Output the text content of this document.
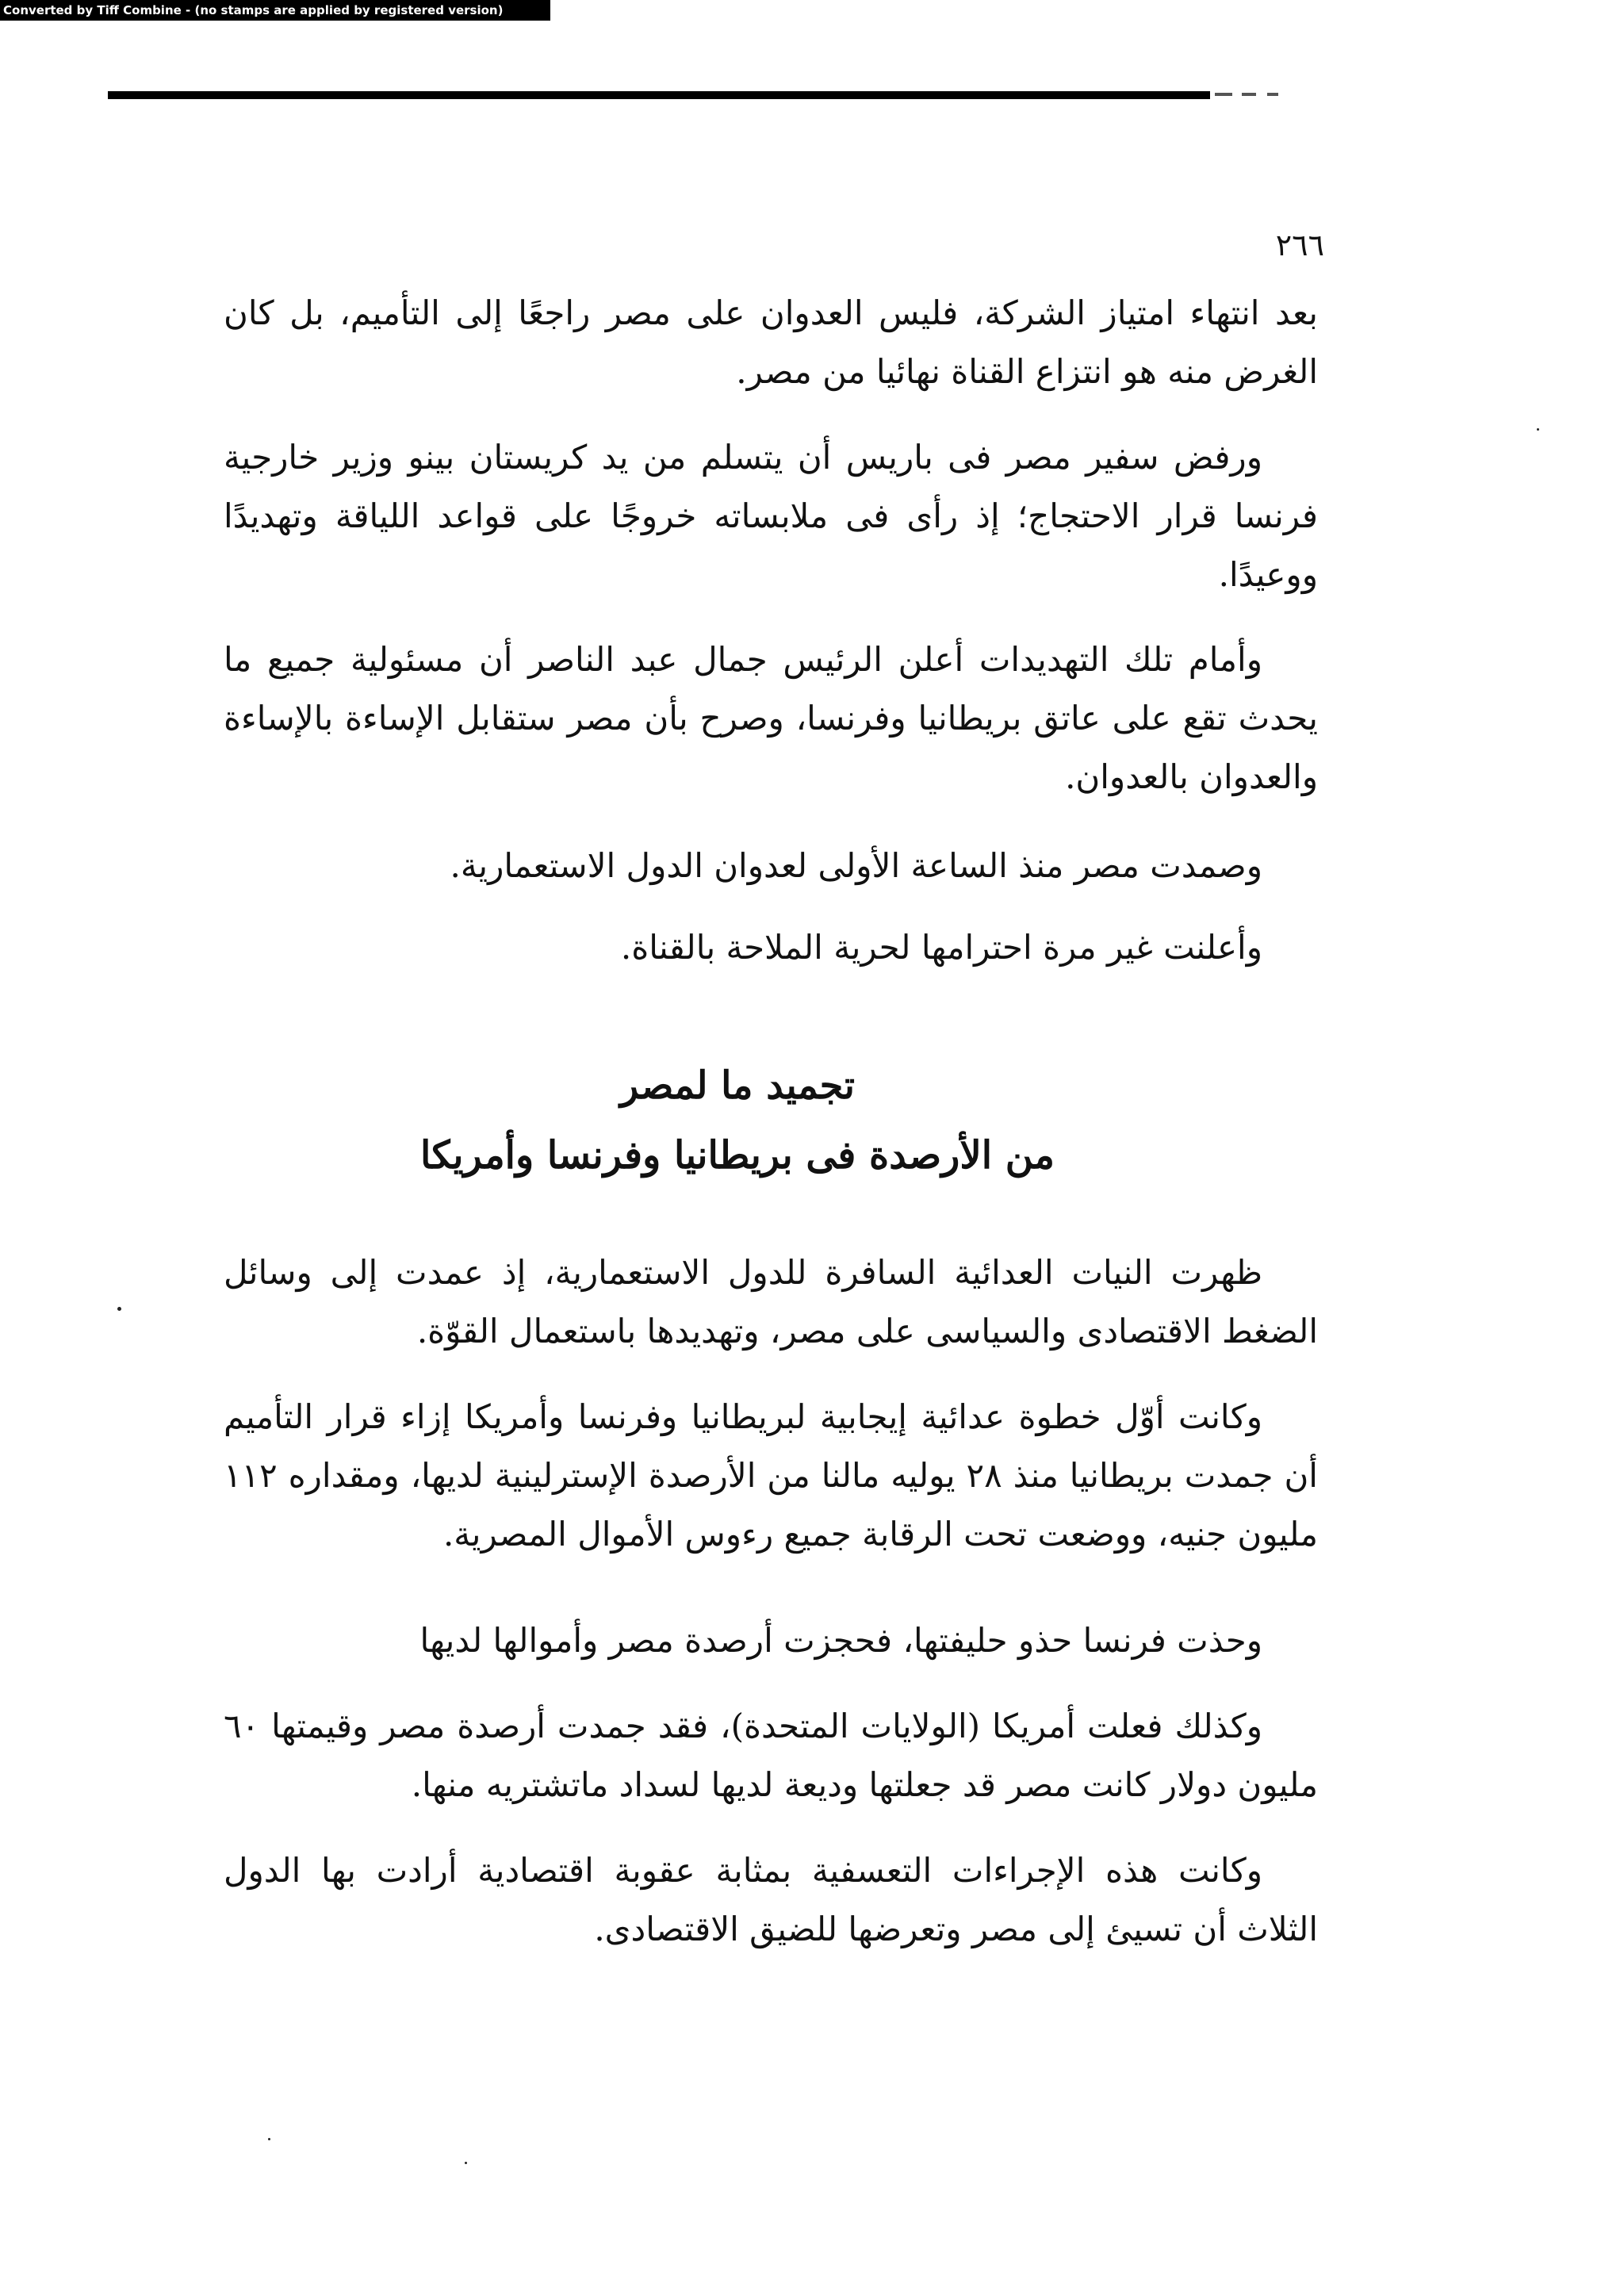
Converted by Tiff Combine - (no stamps are applied by registered version)
٢٦٦

بعد انتهاء امتياز الشركة، فليس العدوان على مصر راجعًا إلى التأميم، بل كان الغرض منه هو انتزاع القناة نهائيا من مصر.

ورفض سفير مصر فى باريس أن يتسلم من يد كريستان بينو وزير خارجية فرنسا قرار الاحتجاج؛ إذ رأى فى ملابساته خروجًا على قواعد اللياقة وتهديدًا ووعيدًا.

وأمام تلك التهديدات أعلن الرئيس جمال عبد الناصر أن مسئولية جميع ما يحدث تقع على عاتق بريطانيا وفرنسا، وصرح بأن مصر ستقابل الإساءة بالإساءة والعدوان بالعدوان.

وصمدت مصر منذ الساعة الأولى لعدوان الدول الاستعمارية.

وأعلنت غير مرة احترامها لحرية الملاحة بالقناة.

تجميد ما لمصر
من الأرصدة فى بريطانيا وفرنسا وأمريكا

ظهرت النيات العدائية السافرة للدول الاستعمارية، إذ عمدت إلى وسائل الضغط الاقتصادى والسياسى على مصر، وتهديدها باستعمال القوّة.

وكانت أوّل خطوة عدائية إيجابية لبريطانيا وفرنسا وأمريكا إزاء قرار التأميم أن جمدت بريطانيا منذ ٢٨ يوليه مالنا من الأرصدة الإسترلينية لديها، ومقداره ١١٢ مليون جنيه، ووضعت تحت الرقابة جميع رءوس الأموال المصرية.

وحذت فرنسا حذو حليفتها، فحجزت أرصدة مصر وأموالها لديها

وكذلك فعلت أمريكا (الولايات المتحدة)، فقد جمدت أرصدة مصر وقيمتها ٦٠ مليون دولار كانت مصر قد جعلتها وديعة لديها لسداد ماتشتريه منها.

وكانت هذه الإجراءات التعسفية بمثابة عقوبة اقتصادية أرادت بها الدول الثلاث أن تسيئ إلى مصر وتعرضها للضيق الاقتصادى.
